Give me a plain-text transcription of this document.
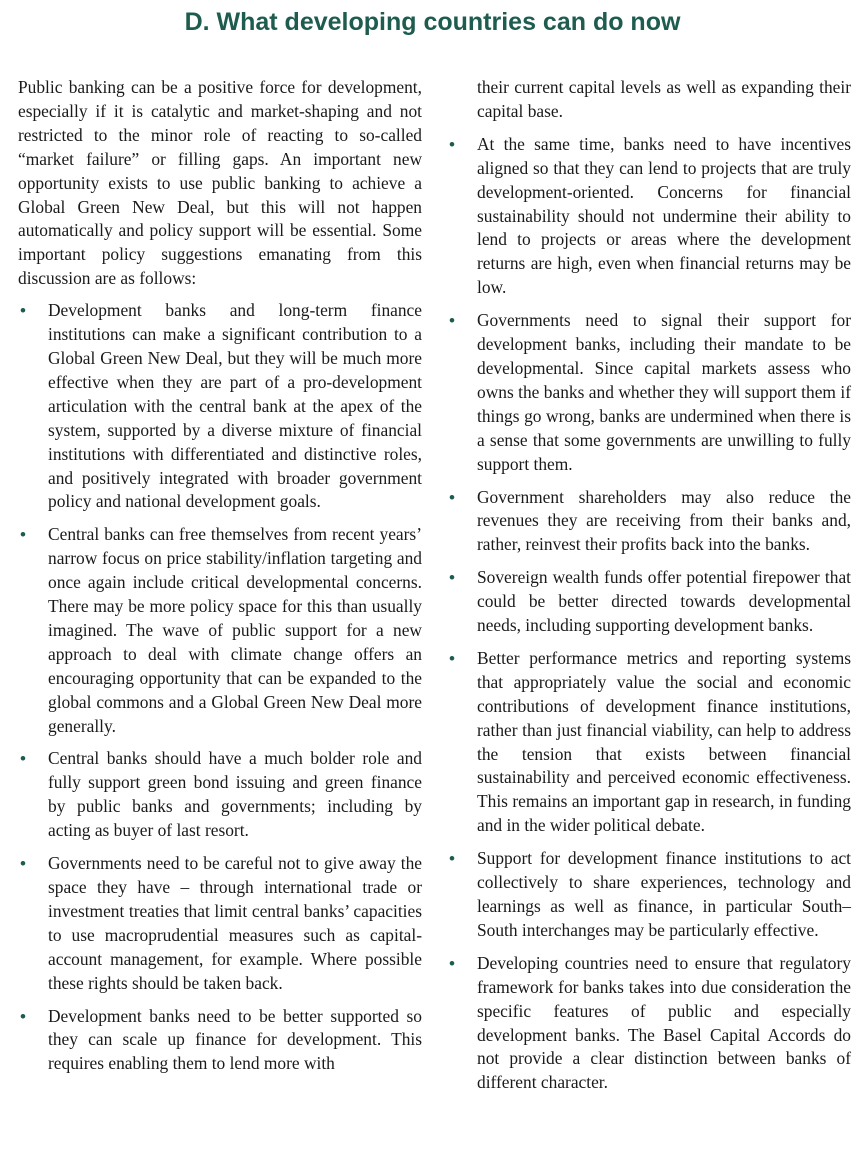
D. What developing countries can do now

Public banking can be a positive force for development, especially if it is catalytic and market-shaping and not restricted to the minor role of reacting to so-called “market failure” or filling gaps. An important new opportunity exists to use public banking to achieve a Global Green New Deal, but this will not happen automatically and policy support will be essential. Some important policy suggestions emanating from this discussion are as follows:

• Development banks and long-term finance institutions can make a significant contribution to a Global Green New Deal, but they will be much more effective when they are part of a pro-development articulation with the central bank at the apex of the system, supported by a diverse mixture of financial institutions with differentiated and distinctive roles, and positively integrated with broader government policy and national development goals.
• Central banks can free themselves from recent years’ narrow focus on price stability/inflation targeting and once again include critical developmental concerns. There may be more policy space for this than usually imagined. The wave of public support for a new approach to deal with climate change offers an encouraging opportunity that can be expanded to the global commons and a Global Green New Deal more generally.
• Central banks should have a much bolder role and fully support green bond issuing and green finance by public banks and governments; including by acting as buyer of last resort.
• Governments need to be careful not to give away the space they have – through international trade or investment treaties that limit central banks’ capacities to use macroprudential measures such as capital-account management, for example. Where possible these rights should be taken back.
• Development banks need to be better supported so they can scale up finance for development. This requires enabling them to lend more with

their current capital levels as well as expanding their capital base.

• At the same time, banks need to have incentives aligned so that they can lend to projects that are truly development-oriented. Concerns for financial sustainability should not undermine their ability to lend to projects or areas where the development returns are high, even when financial returns may be low.
• Governments need to signal their support for development banks, including their mandate to be developmental. Since capital markets assess who owns the banks and whether they will support them if things go wrong, banks are undermined when there is a sense that some governments are unwilling to fully support them.
• Government shareholders may also reduce the revenues they are receiving from their banks and, rather, reinvest their profits back into the banks.
• Sovereign wealth funds offer potential firepower that could be better directed towards developmental needs, including supporting development banks.
• Better performance metrics and reporting systems that appropriately value the social and economic contributions of development finance institutions, rather than just financial viability, can help to address the tension that exists between financial sustainability and perceived economic effectiveness. This remains an important gap in research, in funding and in the wider political debate.
• Support for development finance institutions to act collectively to share experiences, technology and learnings as well as finance, in particular South–South interchanges may be particularly effective.
• Developing countries need to ensure that regulatory framework for banks takes into due consideration the specific features of public and especially development banks. The Basel Capital Accords do not provide a clear distinction between banks of different character.
